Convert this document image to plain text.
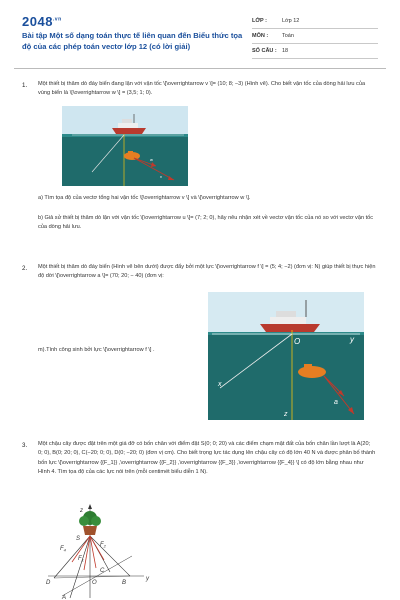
$2048^{.vn}$
Bài tập Một số dạng toán thực tế liên quan đến Biểu thức tọa độ của các phép toán vectơ lớp 12 (có lời giải)
LỚP :	Lớp 12
MÔN :	Toán
SỐ CÂU : 18
1. Một thiết bị thăm dò đáy biển đang lặn với vận tốc \[\overrightarrow v \]= (10; 8; −3) (Hình vẽ). Cho biết vận tốc của dòng hải lưu của vùng biển là \[\overrightarrow w \] = (3,5; 1; 0).
w
v
a) Tìm tọa độ của vectơ tổng hai vận tốc \[\overrightarrow v \] và \[\overrightarrow w \].
b) Giả sử thiết bị thăm dò lặn với vận tốc \[\overrightarrow u \]= (7; 2; 0), hãy nêu nhận xét về vectơ vận tốc của nó so với vectơ vận tốc của dòng hải lưu.
2. Một thiết bị thăm dò đáy biển (Hình vẽ bên dưới) được đẩy bởi một lực \[\overrightarrow f \] = (5; 4; −2) (đơn vị: N) giúp thiết bị thực hiện độ dời \[\overrightarrow a \]= (70; 20; − 40) (đơn vị:
m).Tính công sinh bởi lực \[\overrightarrow f \] .
O	y
x
z
a
3. Một chậu cây được đặt trên một giá đỡ có bốn chân với điểm đặt S(0; 0; 20) và các điểm chạm mặt đất của bốn chân lần lượt là A(20; 0; 0), B(0; 20; 0), C(−20; 0; 0), D(0; −20; 0) (đơn vị cm). Cho biết trọng lực tác dụng lên chậu cây có độ lớn 40 N và được phân bố thành bốn lực \[\overrightarrow {{F_1}} ,\overrightarrow {{F_2}} ,\overrightarrow {{F_3}} ,\overrightarrow {{F_4}} \] có độ lớn bằng nhau như Hình 4. Tìm tọa độ của các lực nói trên (mỗi centimét biểu diễn 1 N).
z
S
$F_4$
$F_2$
$F_1$
C
D	O	B
y
A
